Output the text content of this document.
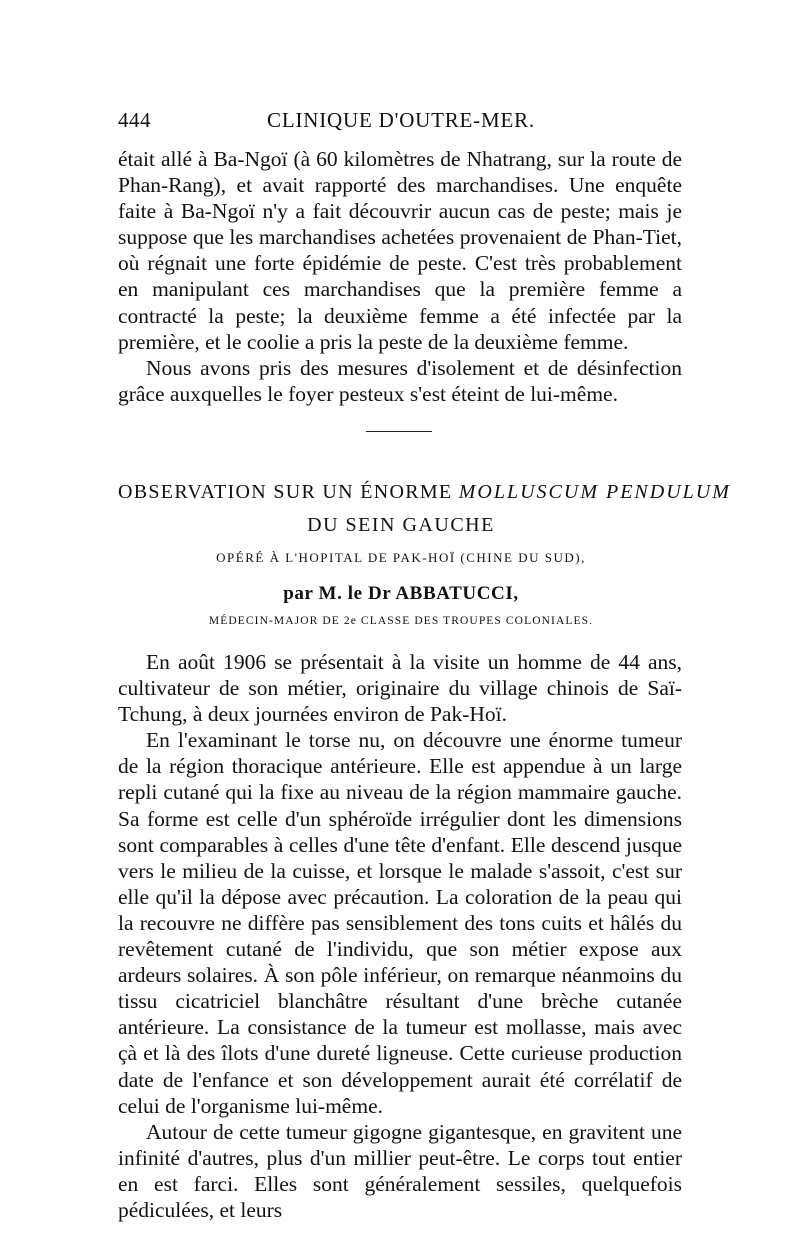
444	CLINIQUE D'OUTRE-MER.

était allé à Ba-Ngoï (à 60 kilomètres de Nhatrang, sur la route de Phan-Rang), et avait rapporté des marchandises. Une enquête faite à Ba-Ngoï n'y a fait découvrir aucun cas de peste; mais je suppose que les marchandises achetées provenaient de Phan-Tiet, où régnait une forte épidémie de peste. C'est très probablement en manipulant ces marchandises que la première femme a contracté la peste; la deuxième femme a été infectée par la première, et le coolie a pris la peste de la deuxième femme.

Nous avons pris des mesures d'isolement et de désinfection grâce auxquelles le foyer pesteux s'est éteint de lui-même.

OBSERVATION SUR UN ÉNORME MOLLUSCUM PENDULUM
DU SEIN GAUCHE
OPÉRÉ À L'HOPITAL DE PAK-HOÏ (CHINE DU SUD),
par M. le Dr ABBATUCCI,
MÉDECIN-MAJOR DE 2e CLASSE DES TROUPES COLONIALES.

En août 1906 se présentait à la visite un homme de 44 ans, cultivateur de son métier, originaire du village chinois de Saï-Tchung, à deux journées environ de Pak-Hoï.

En l'examinant le torse nu, on découvre une énorme tumeur de la région thoracique antérieure. Elle est appendue à un large repli cutané qui la fixe au niveau de la région mammaire gauche. Sa forme est celle d'un sphéroïde irrégulier dont les dimensions sont comparables à celles d'une tête d'enfant. Elle descend jusque vers le milieu de la cuisse, et lorsque le malade s'assoit, c'est sur elle qu'il la dépose avec précaution. La coloration de la peau qui la recouvre ne diffère pas sensiblement des tons cuits et hâlés du revêtement cutané de l'individu, que son métier expose aux ardeurs solaires. À son pôle inférieur, on remarque néanmoins du tissu cicatriciel blanchâtre résultant d'une brèche cutanée antérieure. La consistance de la tumeur est mollasse, mais avec çà et là des îlots d'une dureté ligneuse. Cette curieuse production date de l'enfance et son développement aurait été corrélatif de celui de l'organisme lui-même.

Autour de cette tumeur gigogne gigantesque, en gravitent une infinité d'autres, plus d'un millier peut-être. Le corps tout entier en est farci. Elles sont généralement sessiles, quelquefois pédiculées, et leurs
